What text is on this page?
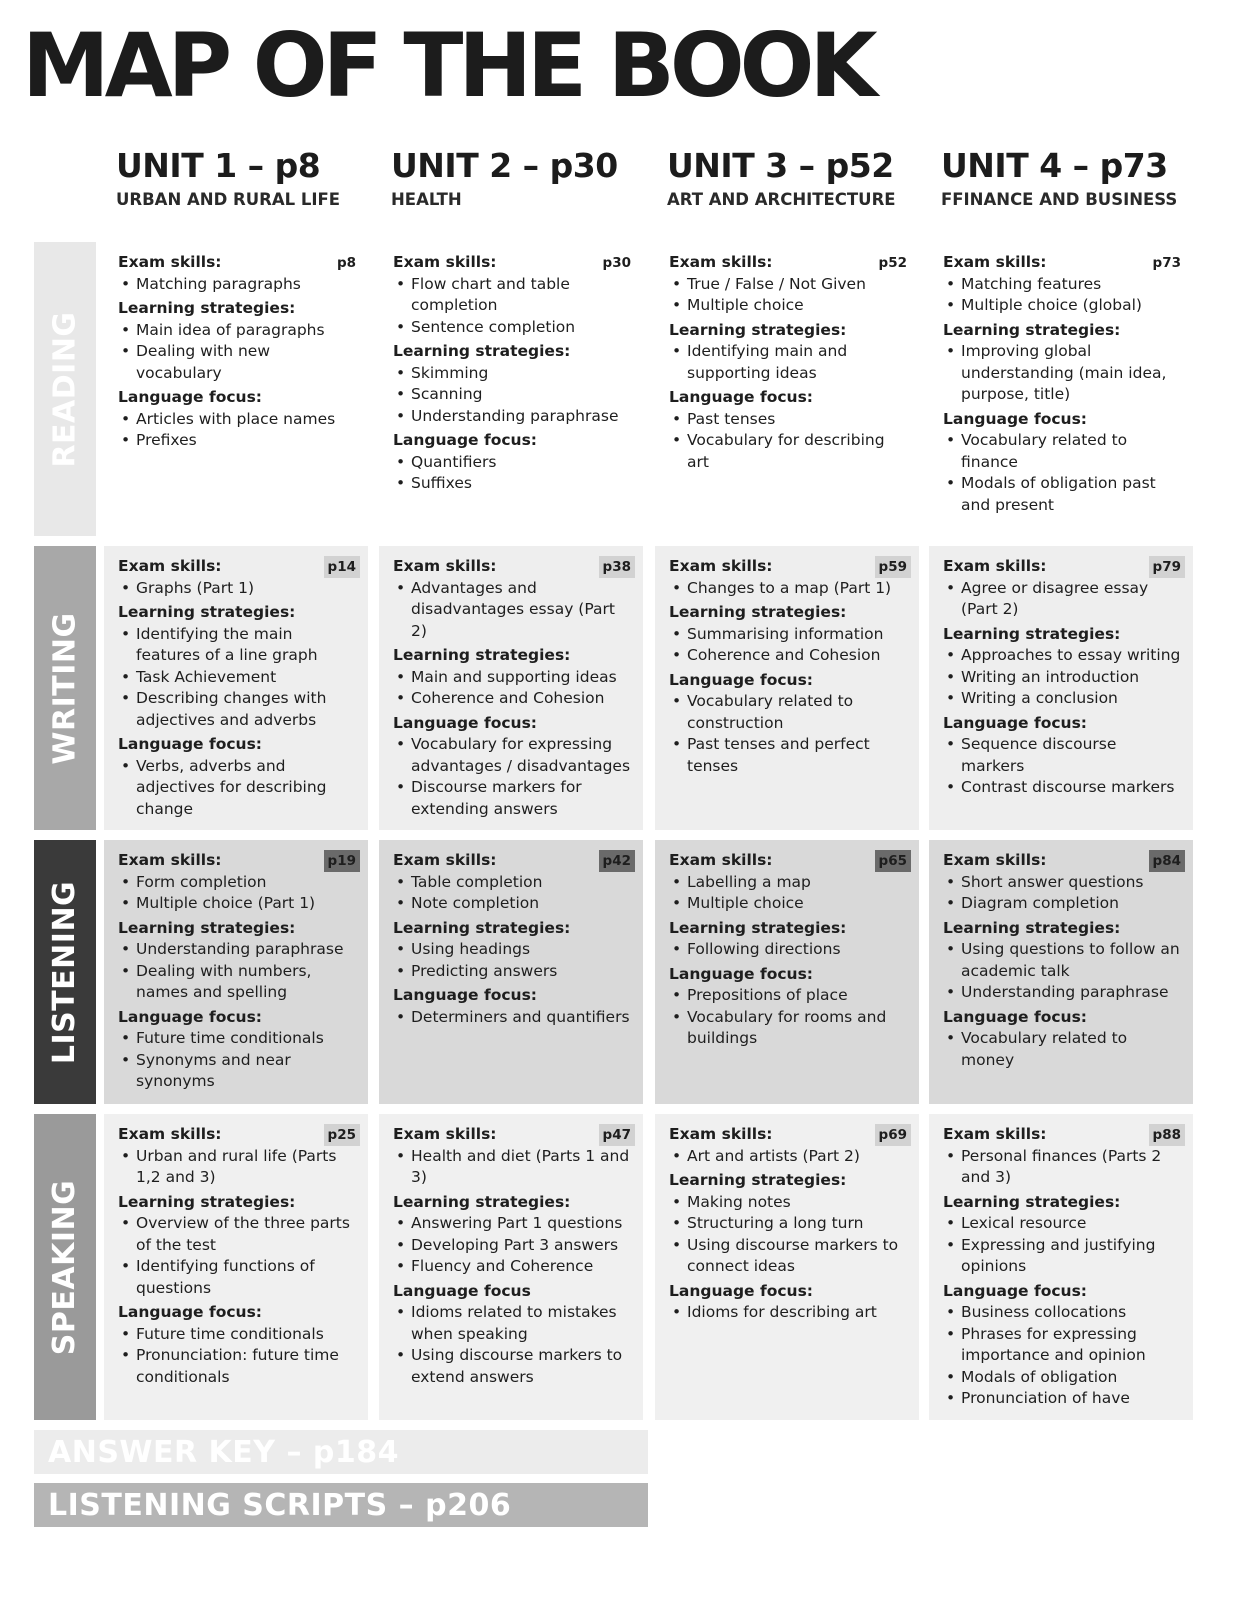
MAP OF THE BOOK
UNIT 1 – p8
URBAN AND RURAL LIFE
UNIT 2 – p30
HEALTH
UNIT 3 – p52
ART AND ARCHITECTURE
UNIT 4 – p73
FFINANCE AND BUSINESS
READING
WRITING
LISTENING
SPEAKING
p8
Exam skills:
• Matching paragraphs
Learning strategies:
• Main idea of paragraphs
• Dealing with new vocabulary
Language focus:
• Articles with place names
• Prefixes
p30
Exam skills:
• Flow chart and table completion
• Sentence completion
Learning strategies:
• Skimming
• Scanning
• Understanding paraphrase
Language focus:
• Quantifiers
• Suffixes
p52
Exam skills:
• True / False / Not Given
• Multiple choice
Learning strategies:
• Identifying main and supporting ideas
Language focus:
• Past tenses
• Vocabulary for describing art
p73
Exam skills:
• Matching features
• Multiple choice (global)
Learning strategies:
• Improving global understanding (main idea, purpose, title)
Language focus:
• Vocabulary related to finance
• Modals of obligation past and present
p14
Exam skills:
• Graphs (Part 1)
Learning strategies:
• Identifying the main features of a line graph
• Task Achievement
• Describing changes with adjectives and adverbs
Language focus:
• Verbs, adverbs and adjectives for describing change
p38
Exam skills:
• Advantages and disadvantages essay (Part 2)
Learning strategies:
• Main and supporting ideas
• Coherence and Cohesion
Language focus:
• Vocabulary for expressing advantages / disadvantages
• Discourse markers for extending answers
p59
Exam skills:
• Changes to a map (Part 1)
Learning strategies:
• Summarising information
• Coherence and Cohesion
Language focus:
• Vocabulary related to construction
• Past tenses and perfect tenses
p79
Exam skills:
• Agree or disagree essay (Part 2)
Learning strategies:
• Approaches to essay writing
• Writing an introduction
• Writing a conclusion
Language focus:
• Sequence discourse markers
• Contrast discourse markers
p19
Exam skills:
• Form completion
• Multiple choice (Part 1)
Learning strategies:
• Understanding paraphrase
• Dealing with numbers, names and spelling
Language focus:
• Future time conditionals
• Synonyms and near synonyms
p42
Exam skills:
• Table completion
• Note completion
Learning strategies:
• Using headings
• Predicting answers
Language focus:
• Determiners and quantifiers
p65
Exam skills:
• Labelling a map
• Multiple choice
Learning strategies:
• Following directions
Language focus:
• Prepositions of place
• Vocabulary for rooms and buildings
p84
Exam skills:
• Short answer questions
• Diagram completion
Learning strategies:
• Using questions to follow an academic talk
• Understanding paraphrase
Language focus:
• Vocabulary related to money
p25
Exam skills:
• Urban and rural life (Parts 1,2 and 3)
Learning strategies:
• Overview of the three parts of the test
• Identifying functions of questions
Language focus:
• Future time conditionals
• Pronunciation: future time conditionals
p47
Exam skills:
• Health and diet (Parts 1 and 3)
Learning strategies:
• Answering Part 1 questions
• Developing Part 3 answers
• Fluency and Coherence
Language focus
• Idioms related to mistakes when speaking
• Using discourse markers to extend answers
p69
Exam skills:
• Art and artists (Part 2)
Learning strategies:
• Making notes
• Structuring a long turn
• Using discourse markers to connect ideas
Language focus:
• Idioms for describing art
p88
Exam skills:
• Personal finances (Parts 2 and 3)
Learning strategies:
• Lexical resource
• Expressing and justifying opinions
Language focus:
• Business collocations
• Phrases for expressing importance and opinion
• Modals of obligation
• Pronunciation of have
ANSWER KEY – p184
LISTENING SCRIPTS – p206
